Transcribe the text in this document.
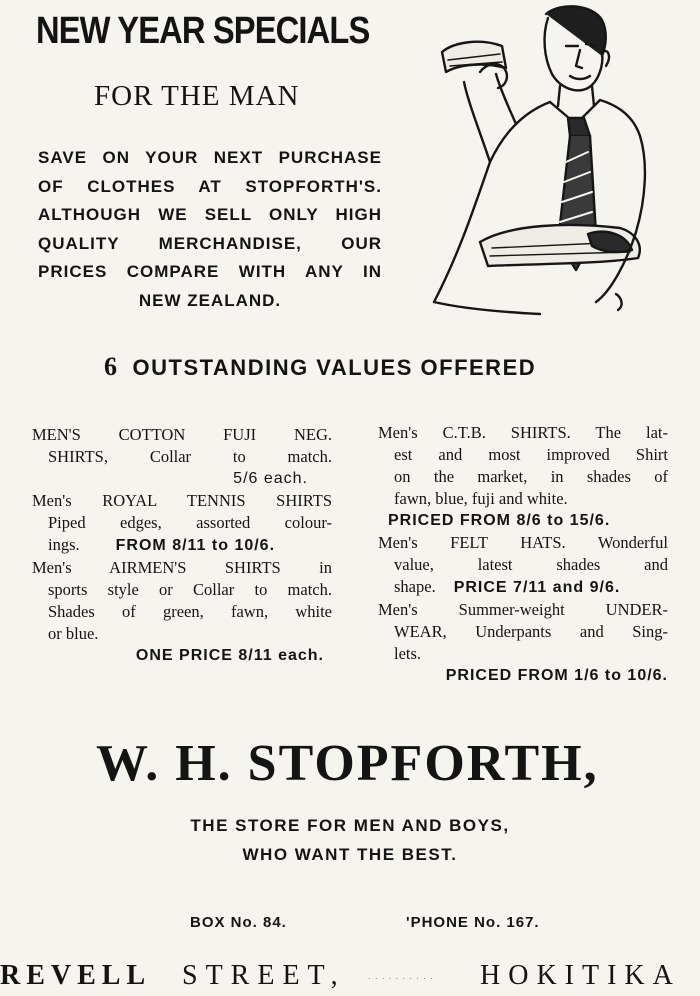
NEW YEAR SPECIALS
FOR THE MAN
SAVE ON YOUR NEXT PURCHASE
OF CLOTHES AT STOPFORTH'S.
ALTHOUGH WE SELL ONLY HIGH
QUALITY MERCHANDISE, OUR
PRICES COMPARE WITH ANY IN
NEW ZEALAND.
6 OUTSTANDING VALUES OFFERED
MEN'S COTTON FUJI NEG.
SHIRTS, Collar to match.
5/6 each.
Men's ROYAL TENNIS SHIRTS
Piped edges, assorted colour-
ings. FROM 8/11 to 10/6.
Men's AIRMEN'S SHIRTS in
sports style or Collar to match.
Shades of green, fawn, white
or blue.
ONE PRICE 8/11 each.
Men's C.T.B. SHIRTS. The lat-
est and most improved Shirt
on the market, in shades of
fawn, blue, fuji and white.
PRICED FROM 8/6 to 15/6.
Men's FELT HATS. Wonderful
value, latest shades and
shape. PRICE 7/11 and 9/6.
Men's Summer-weight UNDER-
WEAR, Underpants and Sing-
lets.
PRICED FROM 1/6 to 10/6.
W. H. STOPFORTH,
THE STORE FOR MEN AND BOYS,
WHO WANT THE BEST.
BOX No. 84.	'PHONE No. 167.
REVELL STREET,	· · · · · · · · · · HOKITIKA
